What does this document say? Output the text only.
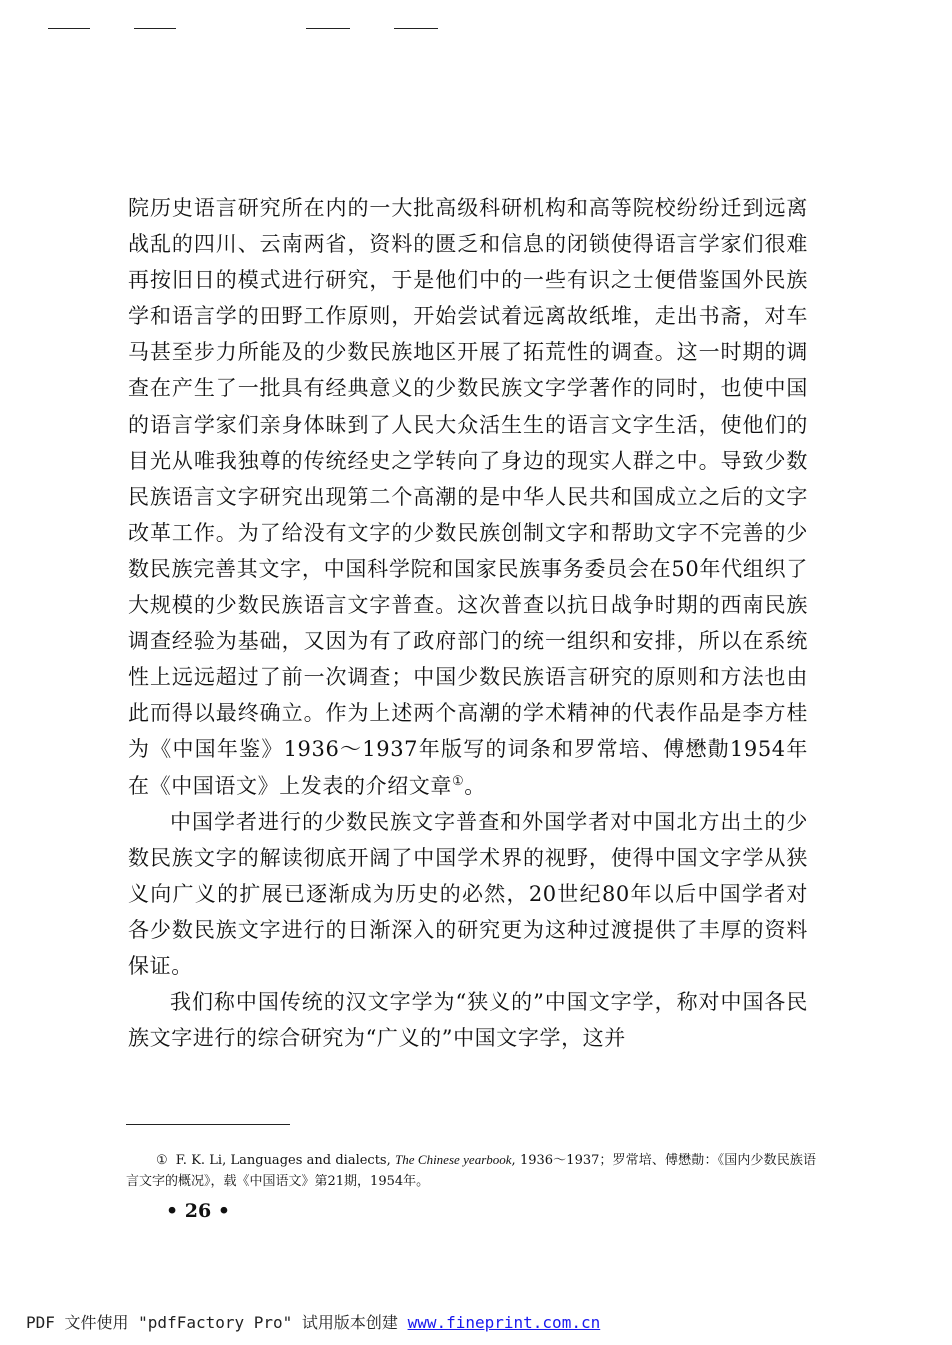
院历史语言研究所在内的一大批高级科研机构和高等院校纷纷迁到远离战乱的四川、云南两省，资料的匮乏和信息的闭锁使得语言学家们很难再按旧日的模式进行研究，于是他们中的一些有识之士便借鉴国外民族学和语言学的田野工作原则，开始尝试着远离故纸堆，走出书斋，对车马甚至步力所能及的少数民族地区开展了拓荒性的调查。这一时期的调查在产生了一批具有经典意义的少数民族文字学著作的同时，也使中国的语言学家们亲身体昧到了人民大众活生生的语言文字生活，使他们的目光从唯我独尊的传统经史之学转向了身边的现实人群之中。导致少数民族语言文字研究出现第二个高潮的是中华人民共和国成立之后的文字改革工作。为了给没有文字的少数民族创制文字和帮助文字不完善的少数民族完善其文字，中国科学院和国家民族事务委员会在50年代组织了大规模的少数民族语言文字普查。这次普查以抗日战争时期的西南民族调查经验为基础，又因为有了政府部门的统一组织和安排，所以在系统性上远远超过了前一次调查；中国少数民族语言研究的原则和方法也由此而得以最终确立。作为上述两个高潮的学术精神的代表作品是李方桂为《中国年鉴》1936～1937年版写的词条和罗常培、傅懋勣1954年在《中国语文》上发表的介绍文章①。

中国学者进行的少数民族文字普查和外国学者对中国北方出土的少数民族文字的解读彻底开阔了中国学术界的视野，使得中国文字学从狭义向广义的扩展已逐渐成为历史的必然，20世纪80年以后中国学者对各少数民族文字进行的日渐深入的研究更为这种过渡提供了丰厚的资料保证。

我们称中国传统的汉文字学为“狭义的”中国文字学，称对中国各民族文字进行的综合研究为“广义的”中国文字学，这并

① F. K. Li, Languages and dialects, The Chinese yearbook, 1936～1937；罗常培、傅懋勣：《国内少数民族语言文字的概况》，载《中国语文》第21期，1954年。
• 26 •
PDF 文件使用 "pdfFactory Pro" 试用版本创建 www.fineprint.com.cn
